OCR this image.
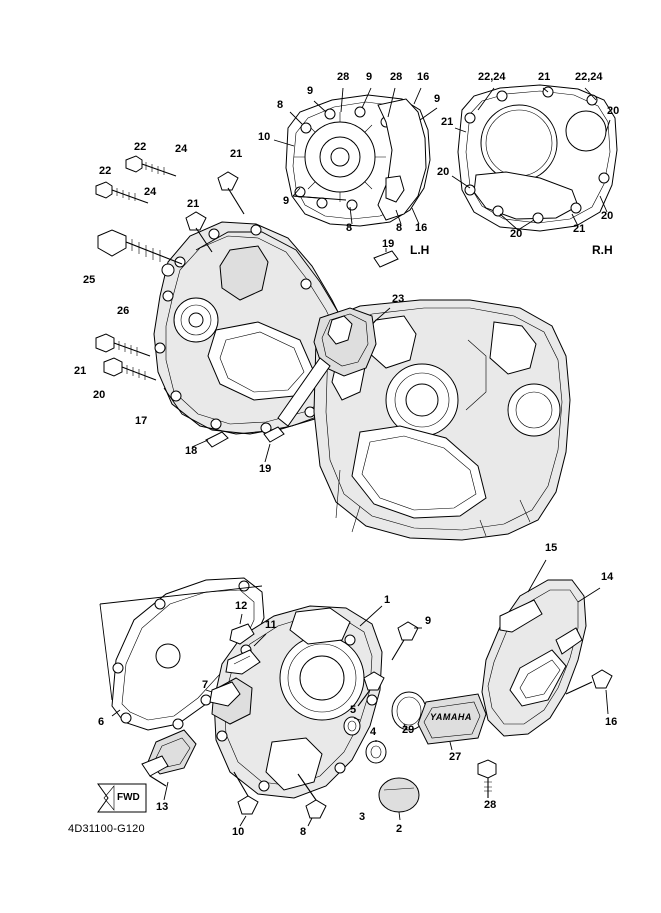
28 9 28 16
8
9
9
10
21
9
8	8 16
19
22,24	21 22,24
20
20
20
20	21
22	24	21
22
24
21
25
26
21
20
17
18
19
23
15
14
16
12
11
1
9
6
7
5
4 29
27
28
13
10	8
3
2
L.H	R.H
FWD
YAMAHA
4D31100-G120
